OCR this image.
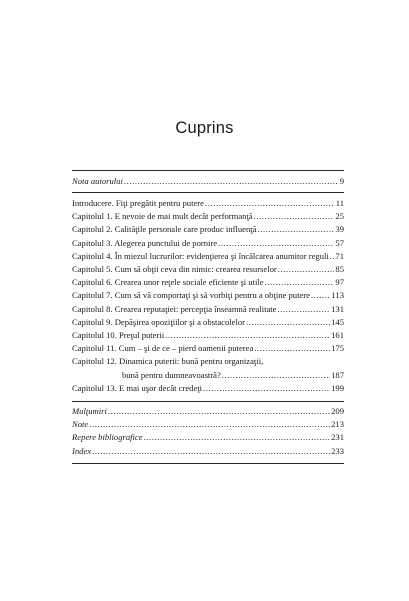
Cuprins
Nota autorului .....	9
Introducere. Fiţi pregătit pentru putere .....	11
Capitolul 1. E nevoie de mai mult decât performanţă .....	25
Capitolul 2. Calităţile personale care produc influenţă .....	39
Capitolul 3. Alegerea punctului de pornire .....	57
Capitolul 4. În miezul lucrurilor: evidenţierea şi încălcarea anumitor reguli ..... 71
Capitolul 5. Cum să obţii ceva din nimic: crearea resurselor .....	85
Capitolul 6. Crearea unor reţele sociale eficiente şi utile .....	97
Capitolul 7. Cum să vă comportaţi şi să vorbiţi pentru a obţine putere ..... 113
Capitolul 8. Crearea reputaţiei: percepţia înseamnă realitate .....	131
Capitolul 9. Depăşirea opoziţiilor şi a obstacolelor .....	145
Capitolul 10. Preţul puterii .....	161
Capitolul 11. Cum – şi de ce – pierd oamenii puterea .....	175
Capitolul 12. Dinamica puterii: bună pentru organizaţii,
bună pentru dumneavoastră? .....	187
Capitolul 13. E mai uşor decât credeţi .....	199
Mulţumiri .....	209
Note .....	213
Repere bibliografice .....	231
Index .....	233
